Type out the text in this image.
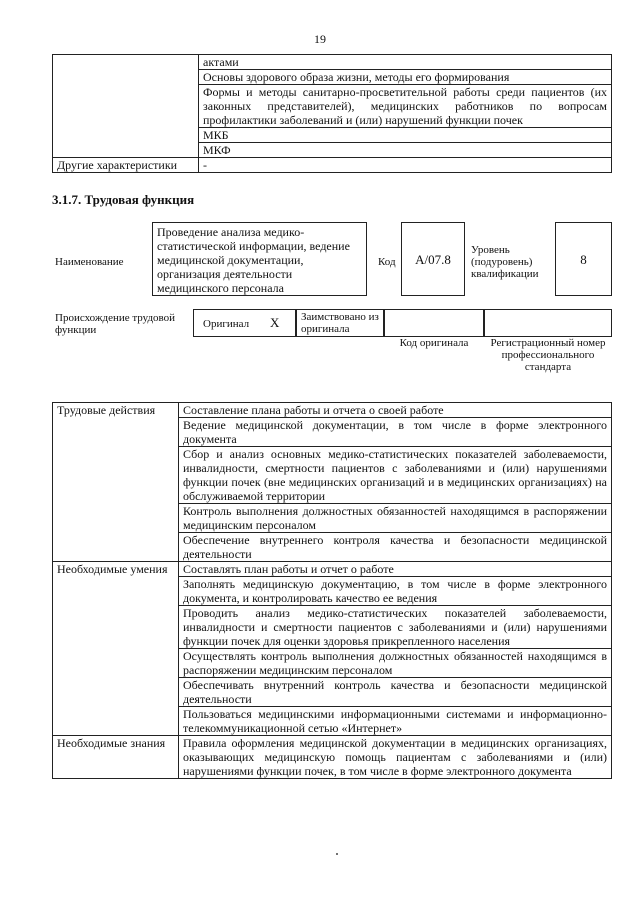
19
	актами
	Основы здорового образа жизни, методы его формирования
	Формы и методы санитарно-просветительной работы среди пациентов (их законных представителей), медицинских работников по вопросам профилактики заболеваний и (или) нарушений функции почек
	МКБ
	МКФ
Другие характеристики	-
3.1.7. Трудовая функция
Наименование
Проведение анализа медико-статистической информации, ведение медицинской документации, организация деятельности медицинского персонала
Код	А/07.8
Уровень (подуровень) квалификации
8
Происхождение трудовой функции	Оригинал X	Заимствовано из оригинала
Код оригинала	Регистрационный номер профессионального стандарта
Трудовые действия	Составление плана работы и отчета о своей работе
	Ведение медицинской документации, в том числе в форме электронного документа
	Сбор и анализ основных медико-статистических показателей заболеваемости, инвалидности, смертности пациентов с заболеваниями и (или) нарушениями функции почек (вне медицинских организаций и в медицинских организациях) на обслуживаемой территории
	Контроль выполнения должностных обязанностей находящимся в распоряжении медицинским персоналом
	Обеспечение внутреннего контроля качества и безопасности медицинской деятельности
Необходимые умения	Составлять план работы и отчет о работе
	Заполнять медицинскую документацию, в том числе в форме электронного документа, и контролировать качество ее ведения
	Проводить анализ медико-статистических показателей заболеваемости, инвалидности и смертности пациентов с заболеваниями и (или) нарушениями функции почек для оценки здоровья прикрепленного населения
	Осуществлять контроль выполнения должностных обязанностей находящимся в распоряжении медицинским персоналом
	Обеспечивать внутренний контроль качества и безопасности медицинской деятельности
	Пользоваться медицинскими информационными системами и информационно-телекоммуникационной сетью «Интернет»
Необходимые знания	Правила оформления медицинской документации в медицинских организациях, оказывающих медицинскую помощь пациентам с заболеваниями и (или) нарушениями функции почек, в том числе в форме электронного документа
